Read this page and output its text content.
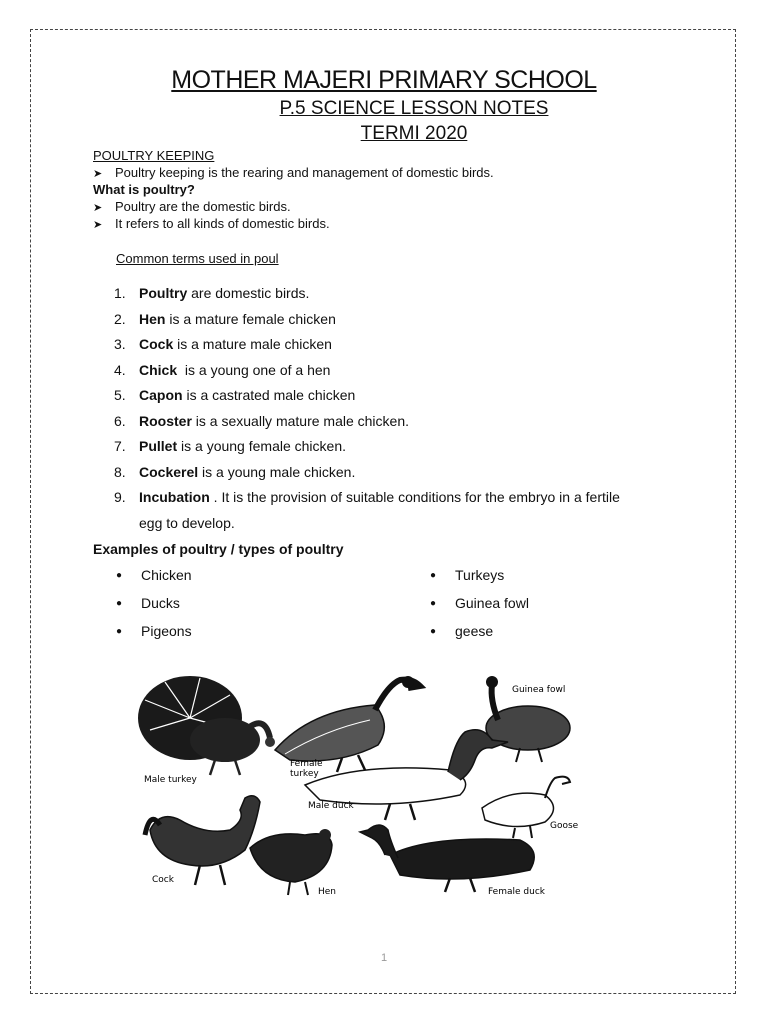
MOTHER MAJERI PRIMARY SCHOOL
P.5 SCIENCE LESSON NOTES
TERMI 2020
POULTRY KEEPING
➤ Poultry keeping is the rearing and management of domestic birds.
What is poultry?
➤ Poultry are the domestic birds.
➤ It refers to all kinds of domestic birds.
Common terms used in poul
1. Poultry are domestic birds.
2. Hen is a mature female chicken
3. Cock is a mature male chicken
4. Chick  is a young one of a hen
5. Capon is a castrated male chicken
6. Rooster is a sexually mature male chicken.
7. Pullet is a young female chicken.
8. Cockerel is a young male chicken.
9. Incubation . It is the provision of suitable conditions for the embryo in a fertile
egg to develop.
Examples of poultry / types of poultry
● Chicken
● Ducks
● Pigeons
● Turkeys
● Guinea fowl
● geese
Male turkey
Female
turkey
Guinea fowl
Male duck
Goose
Cock
Hen	Female duck
1
